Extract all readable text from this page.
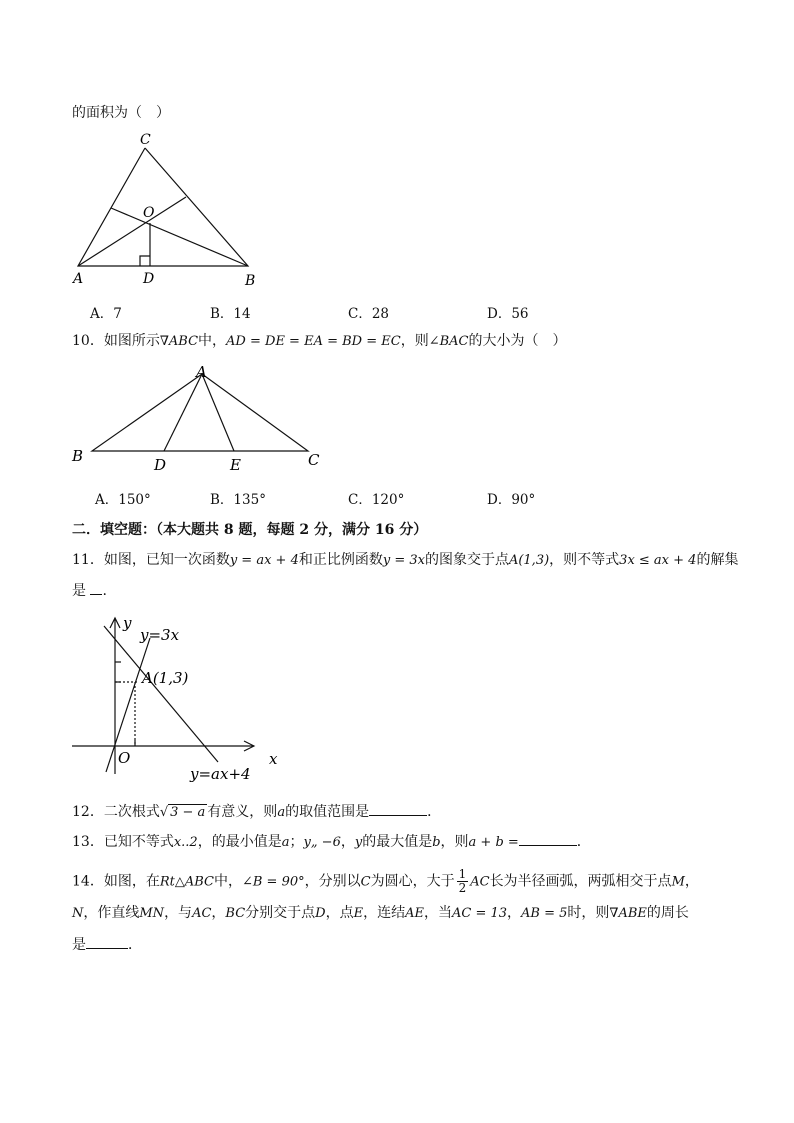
的面积为（　）
C
O
A	D	B
A．7	B．14	C．28	D．56
10．如图所示∇ABC中，AD = DE = EA = BD = EC，则∠BAC的大小为（　）
A
B	D	E	C
A．150°	B．135°	C．120°	D．90°
二．填空题：（本大题共 8 题，每题 2 分，满分 16 分）
11．如图，已知一次函数y = ax + 4和正比例函数y = 3x的图象交于点A(1,3)，则不等式3x ≤ ax + 4的解集
是 .
y
x
O
y=3x
A(1,3)
y=ax+4
12．二次根式√ 3 − a 有意义，则a的取值范围是	．
13．已知不等式x..2，的最小值是a；y„ −6，y的最大值是b，则a + b =	．
14．如图，在Rt△ABC中，∠B = 90°，分别以C为圆心，大于 $\frac{1}{2}$ AC长为半径画弧，两弧相交于点M，
N，作直线MN，与AC，BC分别交于点D，点E，连结AE，当AC = 13，AB = 5时，则∇ABE的周长
是	．
